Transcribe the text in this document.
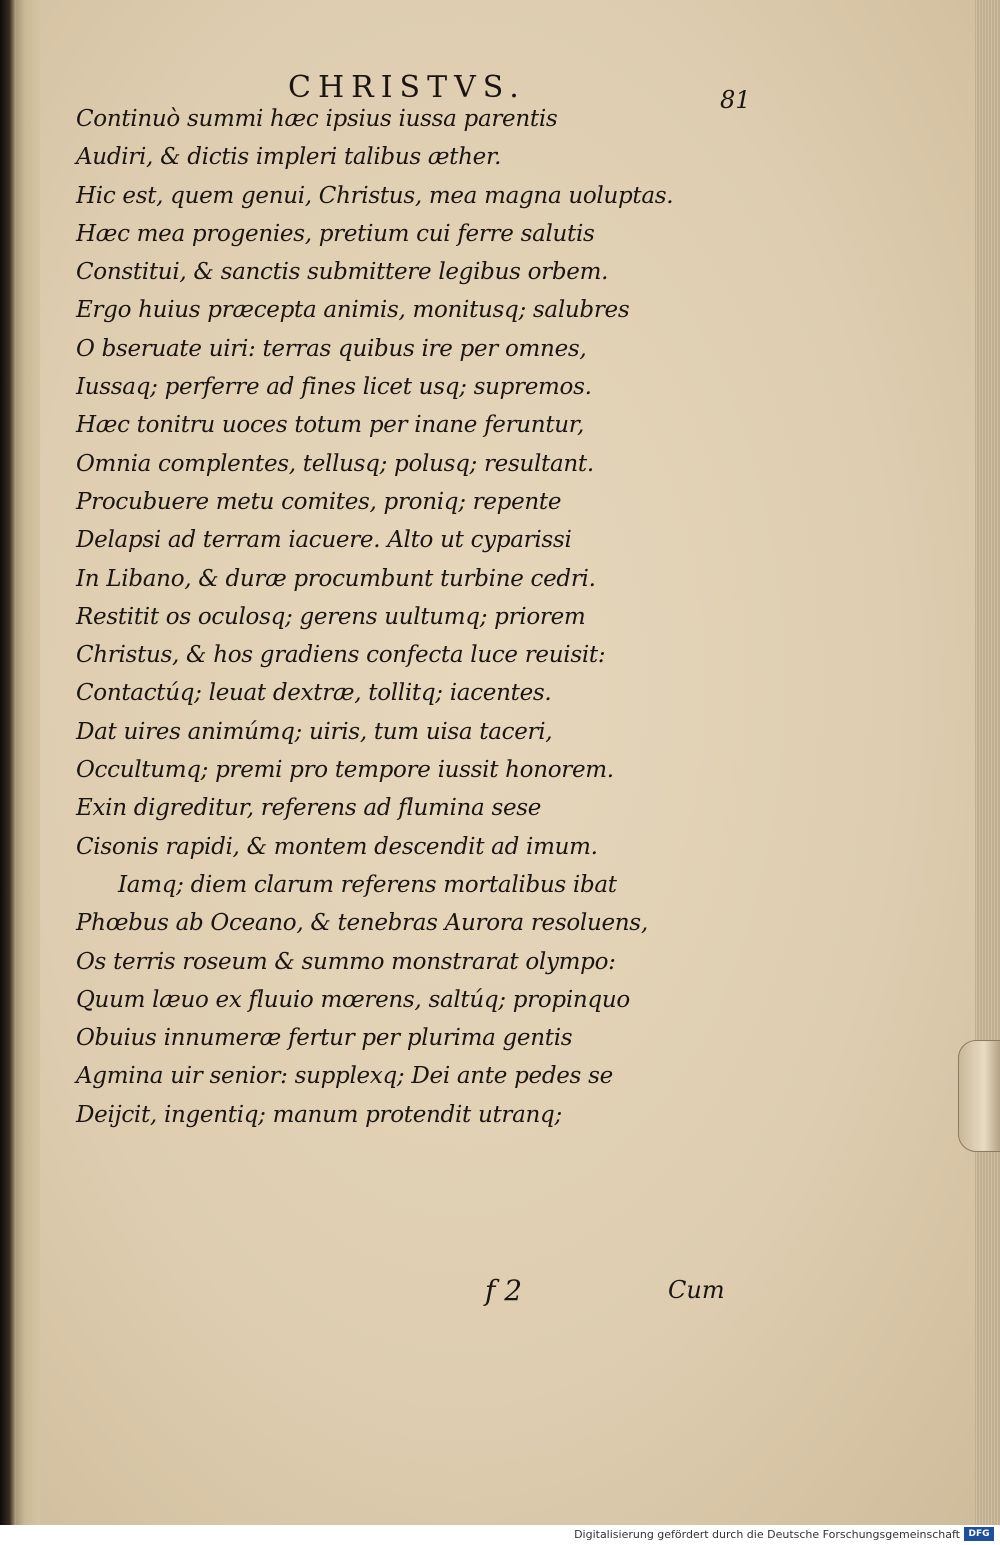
CHRISTVS.	81
Continuò summi hæc ipsius iussa parentis
Audiri, & dictis impleri talibus æther.
Hic est, quem genui, Christus, mea magna uoluptas.
Hæc mea progenies, pretium cui ferre salutis
Constitui, & sanctis submittere legibus orbem.
Ergo huius præcepta animis, monitusq; salubres
O bseruate uiri: terras quibus ire per omnes,
Iussaq; perferre ad fines licet usq; supremos.
Hæc tonitru uoces totum per inane feruntur,
Omnia complentes, tellusq; polusq; resultant.
Procubuere metu comites, proniq; repente
Delapsi ad terram iacuere. Alto ut cyparissi
In Libano, & duræ procumbunt turbine cedri.
Restitit os oculosq; gerens uultumq; priorem
Christus, & hos gradiens confecta luce reuisit:
Contactúq; leuat dextræ, tollitq; iacentes.
Dat uires animúmq; uiris, tum uisa taceri,
Occultumq; premi pro tempore iussit honorem.
Exin digreditur, referens ad flumina sese
Cisonis rapidi, & montem descendit ad imum.
Iamq; diem clarum referens mortalibus ibat
Phœbus ab Oceano, & tenebras Aurora resoluens,
Os terris roseum & summo monstrarat olympo:
Quum læuo ex fluuio mœrens, saltúq; propinquo
Obuius innumeræ fertur per plurima gentis
Agmina uir senior: supplexq; Dei ante pedes se
Deijcit, ingentiq; manum protendit utranq;
f 2	Cum
Digitalisierung gefördert durch die Deutsche Forschungsgemeinschaft DFG
